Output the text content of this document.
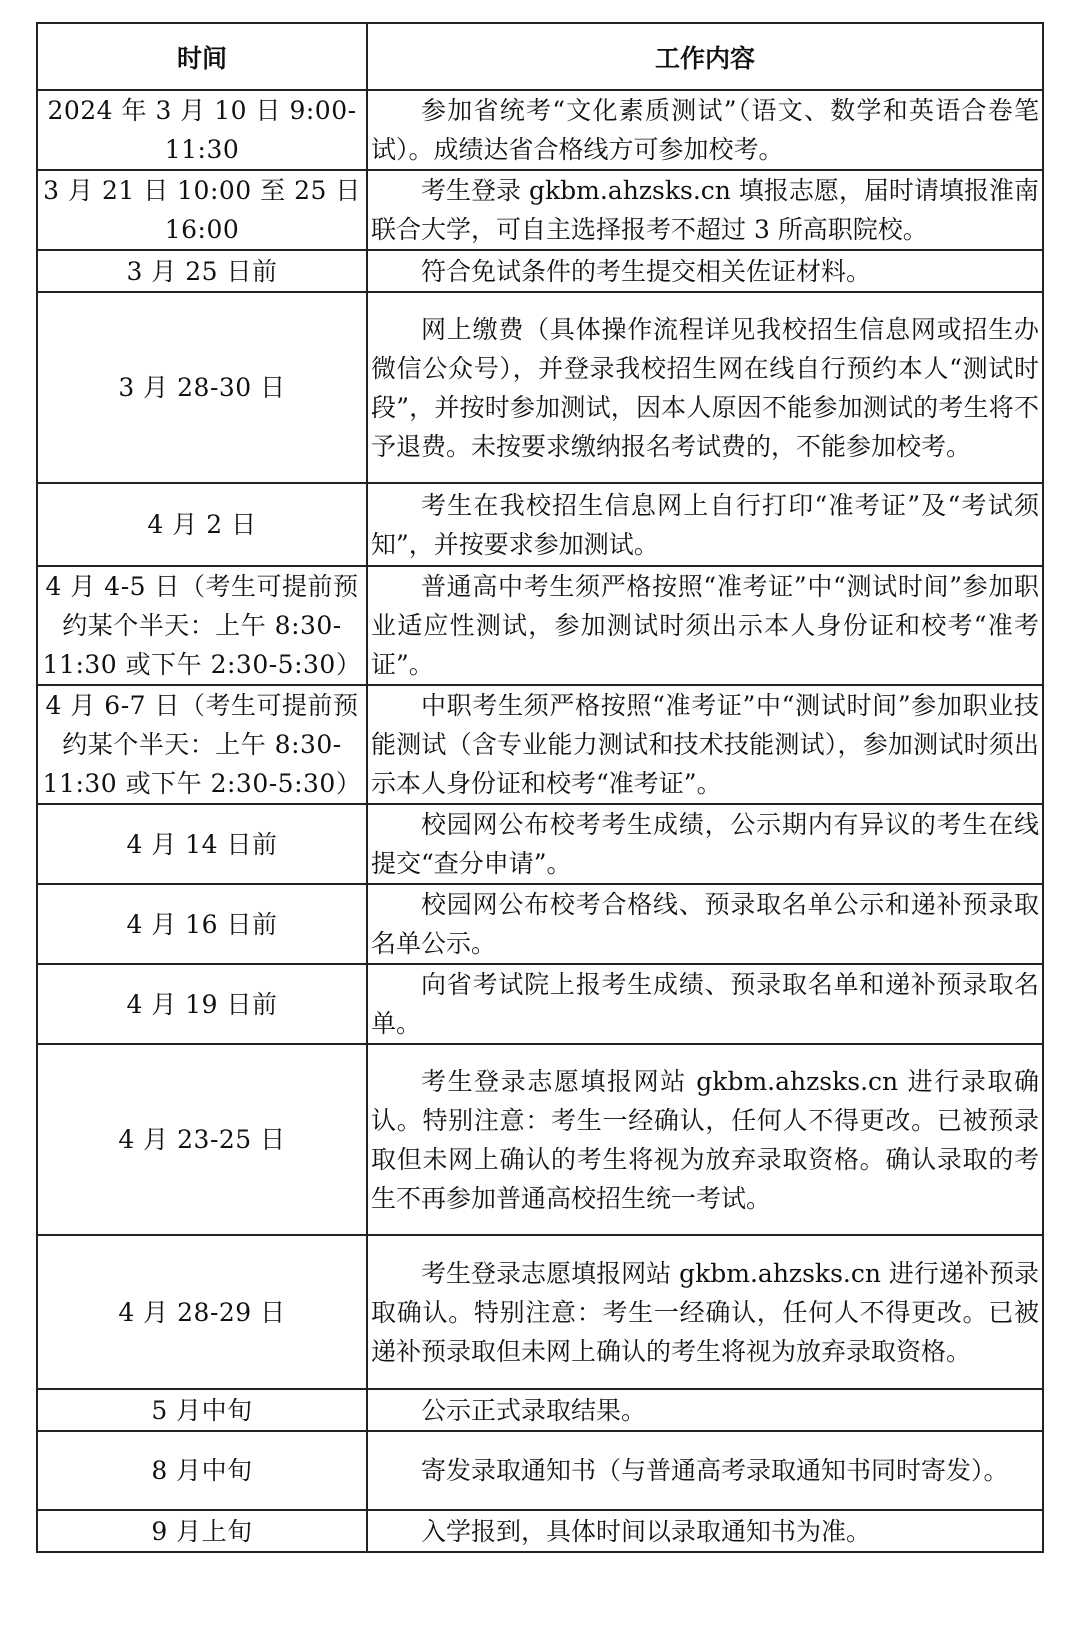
时间	工作内容
2024 年 3 月 10 日 9:00-11:30	参加省统考“文化素质测试”（语文、数学和英语合卷笔试）。成绩达省合格线方可参加校考。

3 月 21 日 10:00 至 25 日 16:00	考生登录 gkbm.ahzsks.cn 填报志愿，届时请填报淮南联合大学，可自主选择报考不超过 3 所高职院校。

3 月 25 日前	符合免试条件的考生提交相关佐证材料。

3 月 28-30 日	网上缴费（具体操作流程详见我校招生信息网或招生办微信公众号），并登录我校招生网在线自行预约本人“测试时段”，并按时参加测试，因本人原因不能参加测试的考生将不予退费。未按要求缴纳报名考试费的，不能参加校考。

4 月 2 日	考生在我校招生信息网上自行打印“准考证”及“考试须知”，并按要求参加测试。

4 月 4-5 日（考生可提前预约某个半天：上午 8:30-11:30 或下午 2:30-5:30）	普通高中考生须严格按照“准考证”中“测试时间”参加职业适应性测试，参加测试时须出示本人身份证和校考“准考证”。

4 月 6-7 日（考生可提前预约某个半天：上午 8:30-11:30 或下午 2:30-5:30）	中职考生须严格按照“准考证”中“测试时间”参加职业技能测试（含专业能力测试和技术技能测试），参加测试时须出示本人身份证和校考“准考证”。

4 月 14 日前	校园网公布校考考生成绩，公示期内有异议的考生在线提交“查分申请”。

4 月 16 日前	校园网公布校考合格线、预录取名单公示和递补预录取名单公示。

4 月 19 日前	向省考试院上报考生成绩、预录取名单和递补预录取名单。

4 月 23-25 日	考生登录志愿填报网站 gkbm.ahzsks.cn 进行录取确认。特别注意：考生一经确认，任何人不得更改。已被预录取但未网上确认的考生将视为放弃录取资格。确认录取的考生不再参加普通高校招生统一考试。

4 月 28-29 日	考生登录志愿填报网站 gkbm.ahzsks.cn 进行递补预录取确认。特别注意：考生一经确认，任何人不得更改。已被递补预录取但未网上确认的考生将视为放弃录取资格。

5 月中旬	公示正式录取结果。

8 月中旬	寄发录取通知书（与普通高考录取通知书同时寄发）。

9 月上旬	入学报到，具体时间以录取通知书为准。
